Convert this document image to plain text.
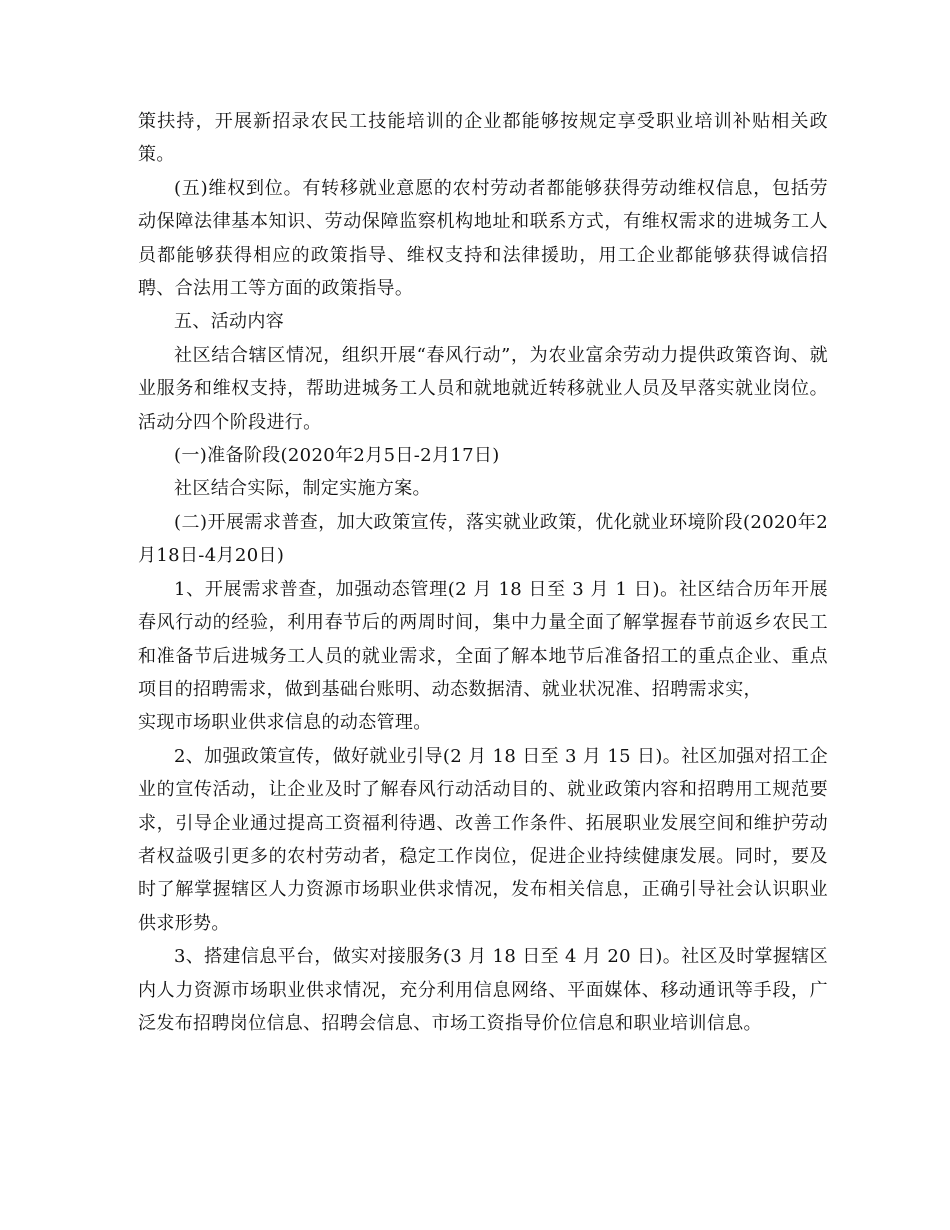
策扶持，开展新招录农民工技能培训的企业都能够按规定享受职业培训补贴相关政策。

(五)维权到位。有转移就业意愿的农村劳动者都能够获得劳动维权信息，包括劳动保障法律基本知识、劳动保障监察机构地址和联系方式，有维权需求的进城务工人员都能够获得相应的政策指导、维权支持和法律援助，用工企业都能够获得诚信招聘、合法用工等方面的政策指导。

五、活动内容

社区结合辖区情况，组织开展“春风行动”，为农业富余劳动力提供政策咨询、就业服务和维权支持，帮助进城务工人员和就地就近转移就业人员及早落实就业岗位。活动分四个阶段进行。

(一)准备阶段(2020年2月5日-2月17日)

社区结合实际，制定实施方案。

(二)开展需求普查，加大政策宣传，落实就业政策，优化就业环境阶段(2020年2月18日-4月20日)

1、开展需求普查，加强动态管理(2 月 18 日至 3 月 1 日)。社区结合历年开展春风行动的经验，利用春节后的两周时间，集中力量全面了解掌握春节前返乡农民工和准备节后进城务工人员的就业需求，全面了解本地节后准备招工的重点企业、重点项目的招聘需求，做到基础台账明、动态数据清、就业状况准、招聘需求实，

实现市场职业供求信息的动态管理。

2、加强政策宣传，做好就业引导(2 月 18 日至 3 月 15 日)。社区加强对招工企业的宣传活动，让企业及时了解春风行动活动目的、就业政策内容和招聘用工规范要求，引导企业通过提高工资福利待遇、改善工作条件、拓展职业发展空间和维护劳动者权益吸引更多的农村劳动者，稳定工作岗位，促进企业持续健康发展。同时，要及时了解掌握辖区人力资源市场职业供求情况，发布相关信息，正确引导社会认识职业供求形势。

3、搭建信息平台，做实对接服务(3 月 18 日至 4 月 20 日)。社区及时掌握辖区内人力资源市场职业供求情况，充分利用信息网络、平面媒体、移动通讯等手段，广泛发布招聘岗位信息、招聘会信息、市场工资指导价位信息和职业培训信息。
